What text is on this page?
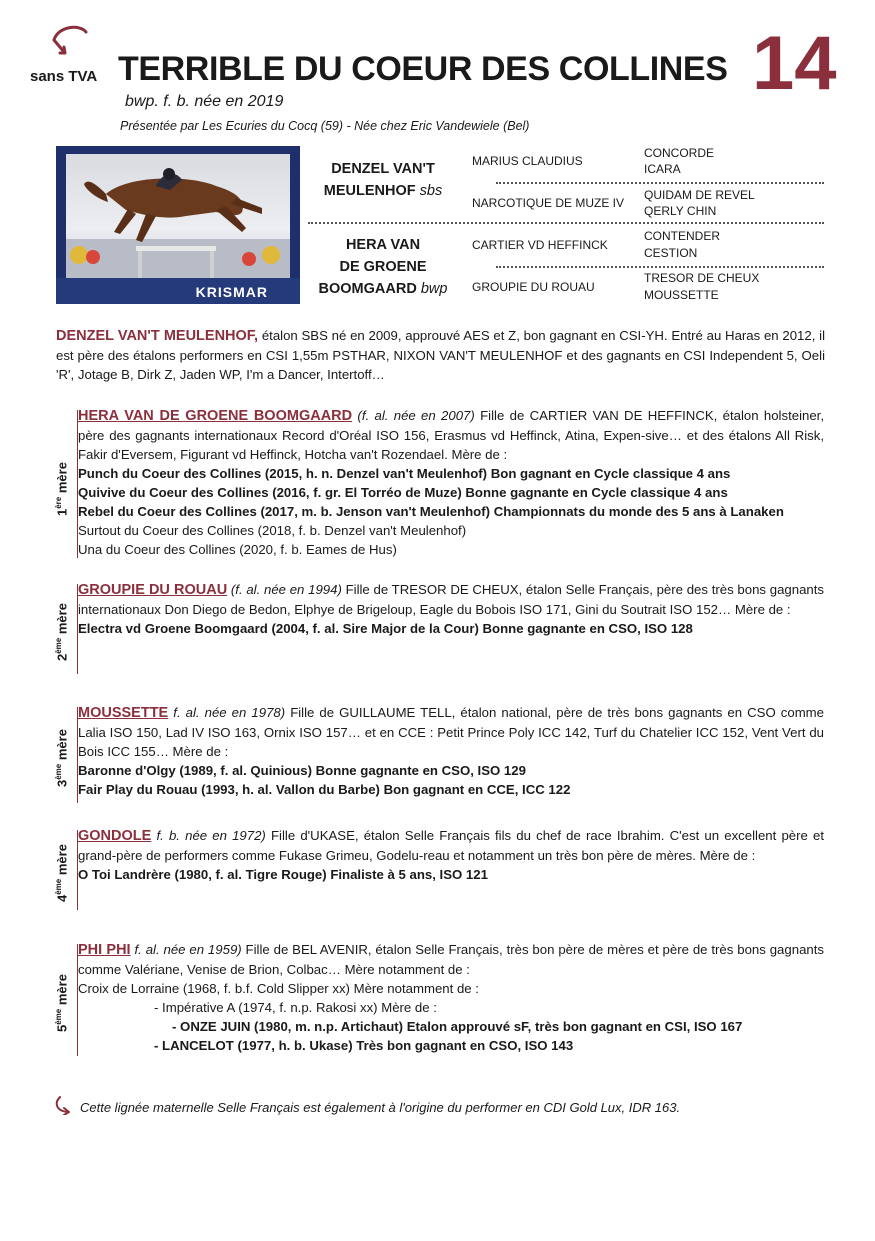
sans TVA TERRIBLE DU COEUR DES COLLINES 14
bwp. f. b. née en 2019
Présentée par Les Ecuries du Cocq (59) - Née chez Eric Vandewiele (Bel)
KRISMAR
DENZEL VAN'T
MEULENHOF sbs
HERA VAN
DE GROENE
BOOMGAARD bwp
MARIUS CLAUDIUS
NARCOTIQUE DE MUZE IV
CARTIER VD HEFFINCK
GROUPIE DU ROUAU
CONCORDE
ICARA
QUIDAM DE REVEL
QERLY CHIN
CONTENDER
CESTION
TRESOR DE CHEUX
MOUSSETTE

DENZEL VAN'T MEULENHOF, étalon SBS né en 2009, approuvé AES et Z, bon gagnant en CSI-YH. Entré au Haras en 2012, il est père des étalons performers en CSI 1,55m PSTHAR, NIXON VAN'T MEULENHOF et des gagnants en CSI Independent 5, Oeli 'R', Jotage B, Dirk Z, Jaden WP, I'm a Dancer, Intertoff…

1ère mère
HERA VAN DE GROENE BOOMGAARD (f. al. née en 2007) Fille de CARTIER VAN DE HEFFINCK, étalon holsteiner, père des gagnants internationaux Record d'Oréal ISO 156, Erasmus vd Heffinck, Atina, Expen-sive… et des étalons All Risk, Fakir d'Eversem, Figurant vd Heffinck, Hotcha van't Rozendael. Mère de :
Punch du Coeur des Collines (2015, h. n. Denzel van't Meulenhof) Bon gagnant en Cycle classique 4 ans
Quivive du Coeur des Collines (2016, f. gr. El Torréo de Muze) Bonne gagnante en Cycle classique 4 ans
Rebel du Coeur des Collines (2017, m. b. Jenson van't Meulenhof) Championnats du monde des 5 ans à Lanaken
Surtout du Coeur des Collines (2018, f. b. Denzel van't Meulenhof)
Una du Coeur des Collines (2020, f. b. Eames de Hus)
2ème mère
GROUPIE DU ROUAU (f. al. née en 1994) Fille de TRESOR DE CHEUX, étalon Selle Français, père des très bons gagnants internationaux Don Diego de Bedon, Elphye de Brigeloup, Eagle du Bobois ISO 171, Gini du Soutrait ISO 152… Mère de :
Electra vd Groene Boomgaard (2004, f. al. Sire Major de la Cour) Bonne gagnante en CSO, ISO 128
3ème mère
MOUSSETTE f. al. née en 1978) Fille de GUILLAUME TELL, étalon national, père de très bons gagnants en CSO comme Lalia ISO 150, Lad IV ISO 163, Ornix ISO 157… et en CCE : Petit Prince Poly ICC 142, Turf du Chatelier ICC 152, Vent Vert du Bois ICC 155… Mère de :
Baronne d'Olgy (1989, f. al. Quinious) Bonne gagnante en CSO, ISO 129
Fair Play du Rouau (1993, h. al. Vallon du Barbe) Bon gagnant en CCE, ICC 122
4ème mère
GONDOLE f. b. née en 1972) Fille d'UKASE, étalon Selle Français fils du chef de race Ibrahim. C'est un excellent père et grand-père de performers comme Fukase Grimeu, Godelu-reau et notamment un très bon père de mères. Mère de :
O Toi Landrère (1980, f. al. Tigre Rouge) Finaliste à 5 ans, ISO 121
5ème mère
PHI PHI f. al. née en 1959) Fille de BEL AVENIR, étalon Selle Français, très bon père de mères et père de très bons gagnants comme Valériane, Venise de Brion, Colbac… Mère notamment de :
Croix de Lorraine (1968, f. b.f. Cold Slipper xx) Mère notamment de :
- Impérative A (1974, f. n.p. Rakosi xx) Mère de :
- ONZE JUIN (1980, m. n.p. Artichaut) Etalon approuvé sF, très bon gagnant en CSI, ISO 167
- LANCELOT (1977, h. b. Ukase) Très bon gagnant en CSO, ISO 143
Cette lignée maternelle Selle Français est également à l'origine du performer en CDI Gold Lux, IDR 163.
